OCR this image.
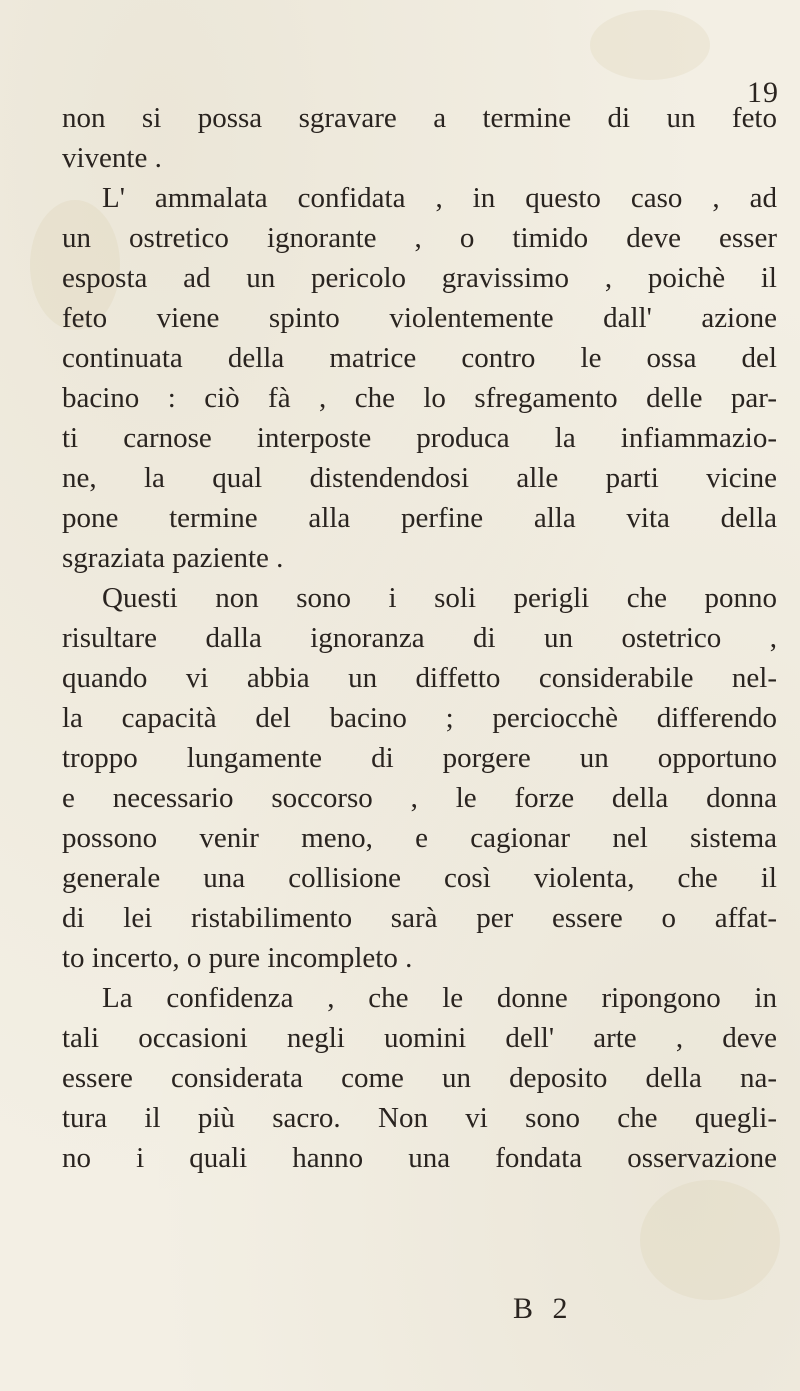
19
non si possa sgravare a termine di un feto
vivente .
L' ammalata confidata , in questo caso , ad
un ostretico ignorante , o timido deve esser
esposta ad un pericolo gravissimo , poichè il
feto viene spinto violentemente dall' azione
continuata della matrice contro le ossa del
bacino : ciò fà , che lo sfregamento delle par-
ti carnose interposte produca la infiammazio-
ne, la qual distendendosi alle parti vicine
pone termine alla perfine alla vita della
sgraziata paziente .
Questi non sono i soli perigli che ponno
risultare dalla ignoranza di un ostetrico ,
quando vi abbia un diffetto considerabile nel-
la capacità del bacino ; perciocchè differendo
troppo lungamente di porgere un opportuno
e necessario soccorso , le forze della donna
possono venir meno, e cagionar nel sistema
generale una collisione così violenta, che il
di lei ristabilimento sarà per essere o affat-
to incerto, o pure incompleto .
La confidenza , che le donne ripongono in
tali occasioni negli uomini dell' arte , deve
essere considerata come un deposito della na-
tura il più sacro. Non vi sono che quegli-
no i quali hanno una fondata osservazione
B 2
